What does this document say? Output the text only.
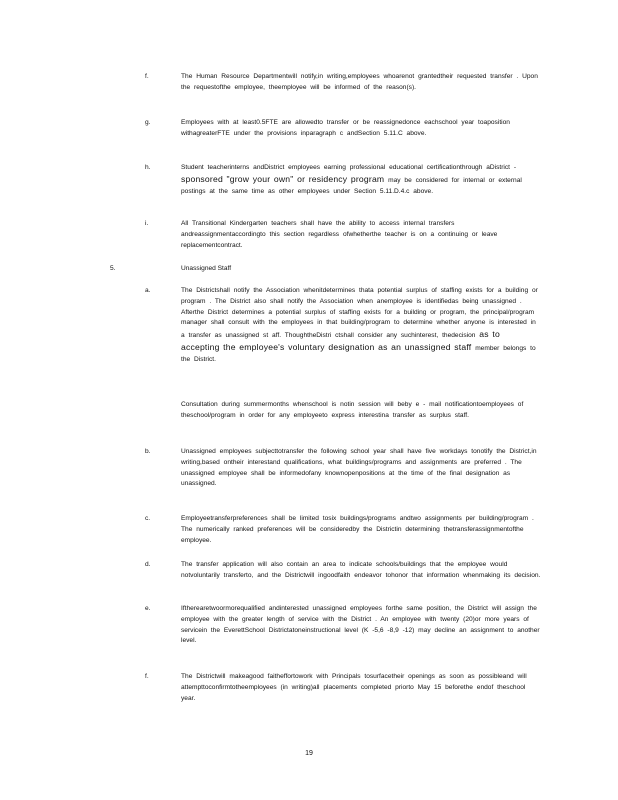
f.	The Human Resource Departmentwill notify,in writing,employees whoarenot grantedtheir requested transfer . Upon the requestofthe employee, theemployee will be informed of the reason(s).
g.	Employees with at least0.5FTE are allowedto transfer or be reassignedonce eachschool year toaposition withagreaterFTE under the provisions inparagraph c andSection 5.11.C above.
h.	Student teacherinterns andDistrict employees earning professional educational certificationthrough aDistrict - sponsored "grow your own" or residency program may be considered for internal or external postings at the same time as other employees under Section 5.11.D.4.c above.
i.	All Transitional Kindergarten teachers shall have the ability to access internal transfers andreassignmentaccordingto this section regardless ofwhetherthe teacher is on a continuing or leave replacementcontract.
5.	Unassigned Staff
a.	The Districtshall notify the Association whenitdetermines thata potential surplus of staffing exists for a building or program . The District also shall notify the Association when anemployee is identifiedas being unassigned . Afterthe District determines a potential surplus of staffing exists for a building or program, the principal/program manager shall consult with the employees in that building/program to determine whether anyone is interested in a transfer as unassigned st aff. ThoughtheDistri ctshall consider any suchinterest, thedecision as to accepting the employee's voluntary designation as an unassigned staff member belongs to the District.
Consultation during summermonths whenschool is notin session will beby e - mail notificationtoemployees of theschool/program in order for any employeeto express interestina transfer as surplus staff.
b.	Unassigned employees subjecttotransfer the following school year shall have five workdays tonotify the District,in writing,based ontheir interestand qualifications, what buildings/programs and assignments are preferred . The unassigned employee shall be informedofany knownopenpositions at the time of the final designation as unassigned.
c.	Employeetransferpreferences shall be limited tosix buildings/programs andtwo assignments per building/program . The numerically ranked preferences will be consideredby the Districtin determining thetransferassignmentofthe employee.
d.	The transfer application will also contain an area to indicate schools/buildings that the employee would notvoluntarily transferto, and the Districtwill ingoodfaith endeavor tohonor that information whenmaking its decision.
e.	Iftherearetwoormorequalified andinterested unassigned employees forthe same position, the District will assign the employee with the greater length of service with the District . An employee with twenty (20)or more years of servicein the EverettSchool Districtatoneinstructional level (K -5,6 -8,9 -12) may decline an assignment to another level.
f.	The Districtwill makeagood faitheffortowork with Principals tosurfacetheir openings as soon as possibleand will attempttoconfirmtotheemployees (in writing)all placements completed priorto May 15 beforethe endof theschool year.
19
